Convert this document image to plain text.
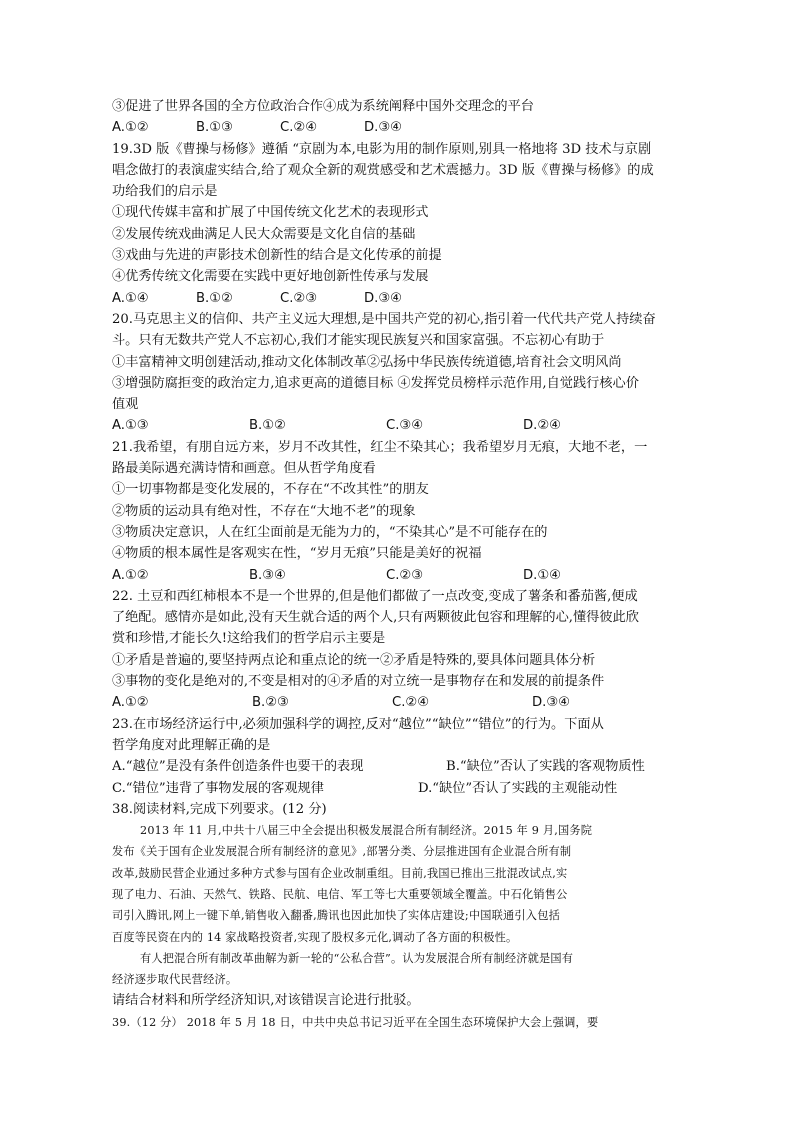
③促进了世界各国的全方位政治合作④成为系统阐释中国外交理念的平台
A.①②	B.①③	C.②④	D.③④
19.3D 版《曹操与杨修》遵循 “京剧为本,电影为用的制作原则,别具一格地将 3D 技术与京剧
唱念做打的表演虚实结合,给了观众全新的观赏感受和艺术震撼力。3D 版《曹操与杨修》的成
功给我们的启示是
①现代传媒丰富和扩展了中国传统文化艺术的表现形式
②发展传统戏曲满足人民大众需要是文化自信的基础
③戏曲与先进的声影技术创新性的结合是文化传承的前提
④优秀传统文化需要在实践中更好地创新性传承与发展
A.①④	B.①②	C.②③	D.③④
20.马克思主义的信仰、共产主义远大理想,是中国共产党的初心,指引着一代代共产党人持续奋
斗。只有无数共产党人不忘初心,我们才能实现民族复兴和国家富强。不忘初心有助于
①丰富精神文明创建活动,推动文化体制改革②弘扬中华民族传统道德,培育社会文明风尚
③增强防腐拒变的政治定力,追求更高的道德目标 ④发挥党员榜样示范作用,自觉践行核心价
值观
A.①③	B.①②	C.③④	D.②④
21.我希望，有朋自远方来，岁月不改其性，红尘不染其心；我希望岁月无痕，大地不老，一
路最美际遇充满诗情和画意。但从哲学角度看
①一切事物都是变化发展的，不存在“不改其性”的朋友
②物质的运动具有绝对性，不存在“大地不老”的现象
③物质决定意识，人在红尘面前是无能为力的，“不染其心”是不可能存在的
④物质的根本属性是客观实在性，“岁月无痕”只能是美好的祝福
A.①②	B.③④	C.②③	D.①④
22. 土豆和西红柿根本不是一个世界的,但是他们都做了一点改变,变成了薯条和番茄酱,便成
了绝配。感情亦是如此,没有天生就合适的两个人,只有两颗彼此包容和理解的心,懂得彼此欣
赏和珍惜,才能长久!这给我们的哲学启示主要是
①矛盾是普遍的,要坚持两点论和重点论的统一②矛盾是特殊的,要具体问题具体分析
③事物的变化是绝对的,不变是相对的④矛盾的对立统一是事物存在和发展的前提条件
A.①②	B.②③	C.②④	D.③④
23.在市场经济运行中,必须加强科学的调控,反对“越位”“缺位”“错位”的行为。下面从
哲学角度对此理解正确的是
A.“越位”是没有条件创造条件也要干的表现	B.“缺位”否认了实践的客观物质性
C.“错位”违背了事物发展的客观规律	D.“缺位”否认了实践的主观能动性
38.阅读材料,完成下列要求。(12 分)
2013 年 11 月,中共十八届三中全会提出积极发展混合所有制经济。2015 年 9 月,国务院
发布《关于国有企业发展混合所有制经济的意见》,部署分类、分层推进国有企业混合所有制
改革,鼓励民营企业通过多种方式参与国有企业改制重组。目前,我国已推出三批混改试点,实
现了电力、石油、天然气、铁路、民航、电信、军工等七大重要领域全覆盖。中石化销售公
司引入腾讯,网上一键下单,销售收入翻番,腾讯也因此加快了实体店建设;中国联通引入包括
百度等民资在内的 14 家战略投资者,实现了股权多元化,调动了各方面的积极性。
有人把混合所有制改革曲解为新一轮的“公私合营”。认为发展混合所有制经济就是国有
经济逐步取代民营经济。
请结合材料和所学经济知识,对该错误言论进行批驳。
39.（12 分） 2018 年 5 月 18 日，中共中央总书记习近平在全国生态环境保护大会上强调，要
